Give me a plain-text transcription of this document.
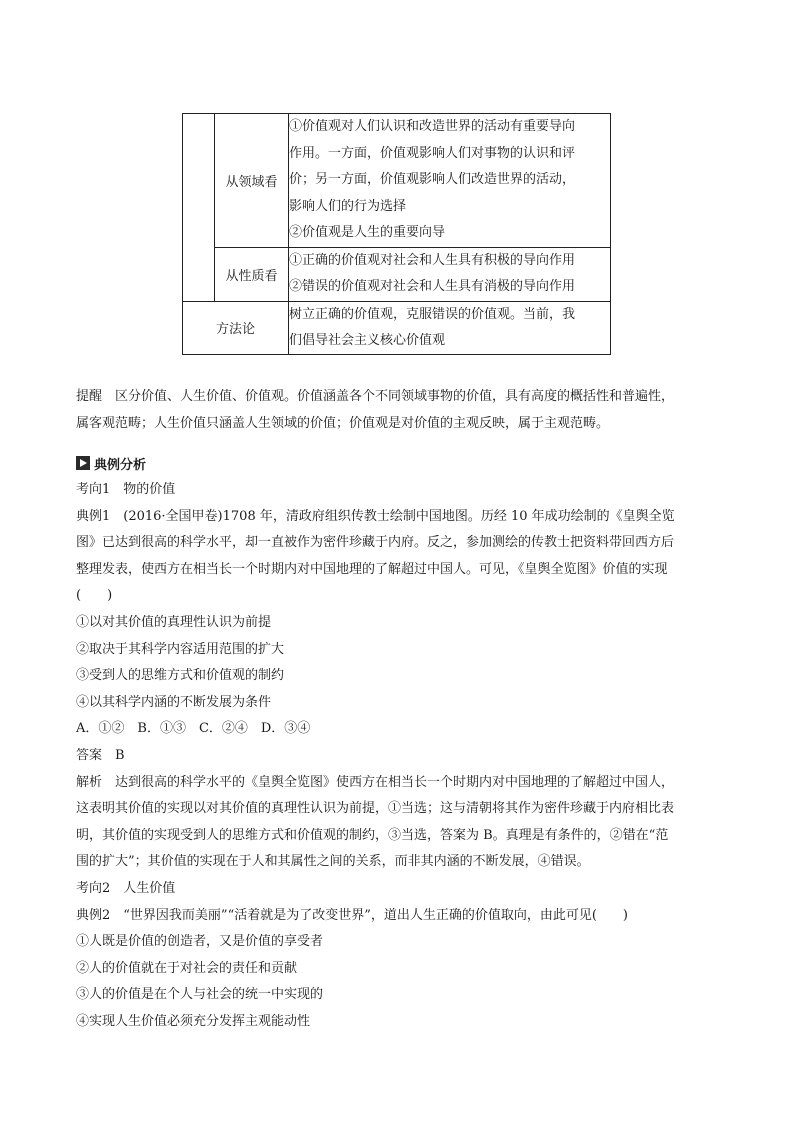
	从领域看	①价值观对人们认识和改造世界的活动有重要导向
作用。一方面，价值观影响人们对事物的认识和评
价；另一方面，价值观影响人们改造世界的活动，
影响人们的行为选择
②价值观是人生的重要向导

	从性质看	①正确的价值观对社会和人生具有积极的导向作用
②错误的价值观对社会和人生具有消极的导向作用

方法论		树立正确的价值观，克服错误的价值观。当前，我
们倡导社会主义核心价值观
提醒　区分价值、人生价值、价值观。价值涵盖各个不同领域事物的价值，具有高度的概括性和普遍性，
属客观范畴；人生价值只涵盖人生领域的价值；价值观是对价值的主观反映，属于主观范畴。
典例分析
考向1　物的价值
典例1　(2016·全国甲卷)1708 年，清政府组织传教士绘制中国地图。历经 10 年成功绘制的《皇舆全览
图》已达到很高的科学水平，却一直被作为密件珍藏于内府。反之，参加测绘的传教士把资料带回西方后
整理发表，使西方在相当长一个时期内对中国地理的了解超过中国人。可见，《皇舆全览图》价值的实现
(　　)
①以对其价值的真理性认识为前提
②取决于其科学内容适用范围的扩大
③受到人的思维方式和价值观的制约
④以其科学内涵的不断发展为条件
A．①②　B．①③　C．②④　D．③④
答案　B
解析　达到很高的科学水平的《皇舆全览图》使西方在相当长一个时期内对中国地理的了解超过中国人，
这表明其价值的实现以对其价值的真理性认识为前提，①当选；这与清朝将其作为密件珍藏于内府相比表
明，其价值的实现受到人的思维方式和价值观的制约，③当选，答案为 B。真理是有条件的，②错在“范
围的扩大”；其价值的实现在于人和其属性之间的关系，而非其内涵的不断发展，④错误。
考向2　人生价值
典例2　“世界因我而美丽”“活着就是为了改变世界”，道出人生正确的价值取向，由此可见(　　)
①人既是价值的创造者，又是价值的享受者
②人的价值就在于对社会的责任和贡献
③人的价值是在个人与社会的统一中实现的
④实现人生价值必须充分发挥主观能动性
